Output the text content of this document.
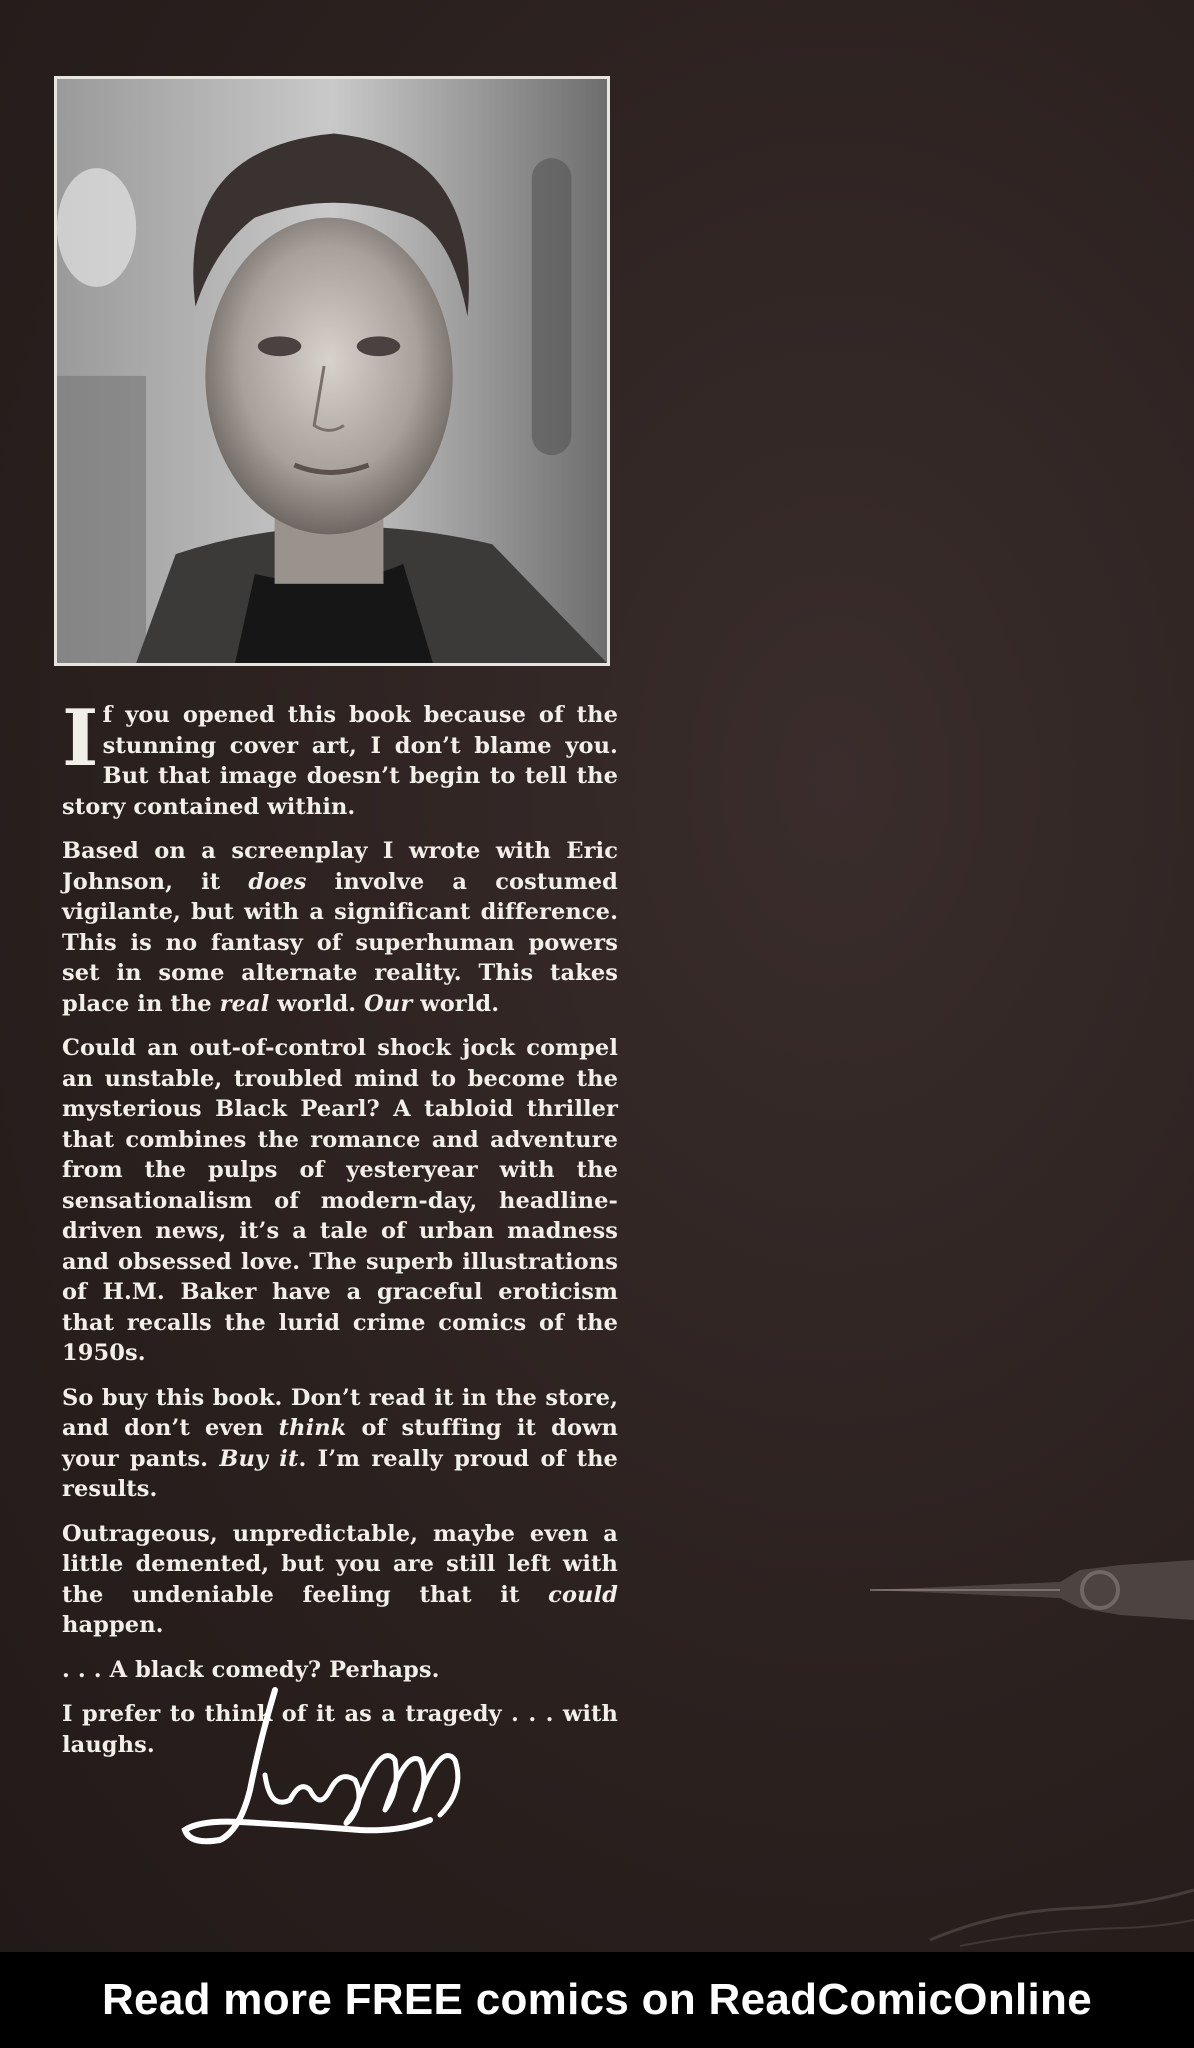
If you opened this book because of the stunning cover art, I don’t blame you. But that image doesn’t begin to tell the story contained within.

Based on a screenplay I wrote with Eric Johnson, it does involve a costumed vigilante, but with a significant difference. This is no fantasy of superhuman powers set in some alternate reality. This takes place in the real world. Our world.

Could an out-of-control shock jock compel an unstable, troubled mind to become the mysterious Black Pearl? A tabloid thriller that combines the romance and adventure from the pulps of yesteryear with the sensationalism of modern-day, headline-driven news, it’s a tale of urban madness and obsessed love. The superb illustrations of H.M. Baker have a graceful eroticism that recalls the lurid crime comics of the 1950s.

So buy this book. Don’t read it in the store, and don’t even think of stuffing it down your pants. Buy it. I’m really proud of the results.

Outrageous, unpredictable, maybe even a little demented, but you are still left with the undeniable feeling that it could happen.

. . . A black comedy? Perhaps.

I prefer to think of it as a tragedy . . . with laughs.

Read more FREE comics on ReadComicOnline
